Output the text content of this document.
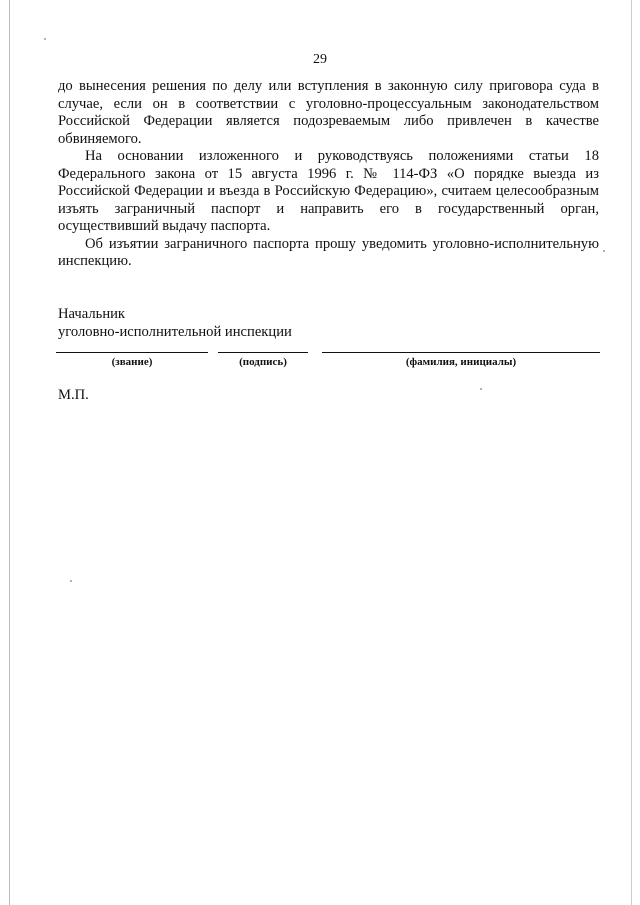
29

до вынесения решения по делу или вступления в законную силу приговора суда в случае, если он в соответствии с уголовно-процессуальным законодательством Российской Федерации является подозреваемым либо привлечен в качестве обвиняемого.

На основании изложенного и руководствуясь положениями статьи 18 Федерального закона от 15 августа 1996 г. № 114-ФЗ «О порядке выезда из Российской Федерации и въезда в Российскую Федерацию», считаем целесообразным изъять заграничный паспорт и направить его в государственный орган, осуществивший выдачу паспорта.

Об изъятии заграничного паспорта прошу уведомить уголовно-исполнительную инспекцию.

Начальник
уголовно-исполнительной инспекции
(звание)	(подпись)	(фамилия, инициалы)
М.П.
